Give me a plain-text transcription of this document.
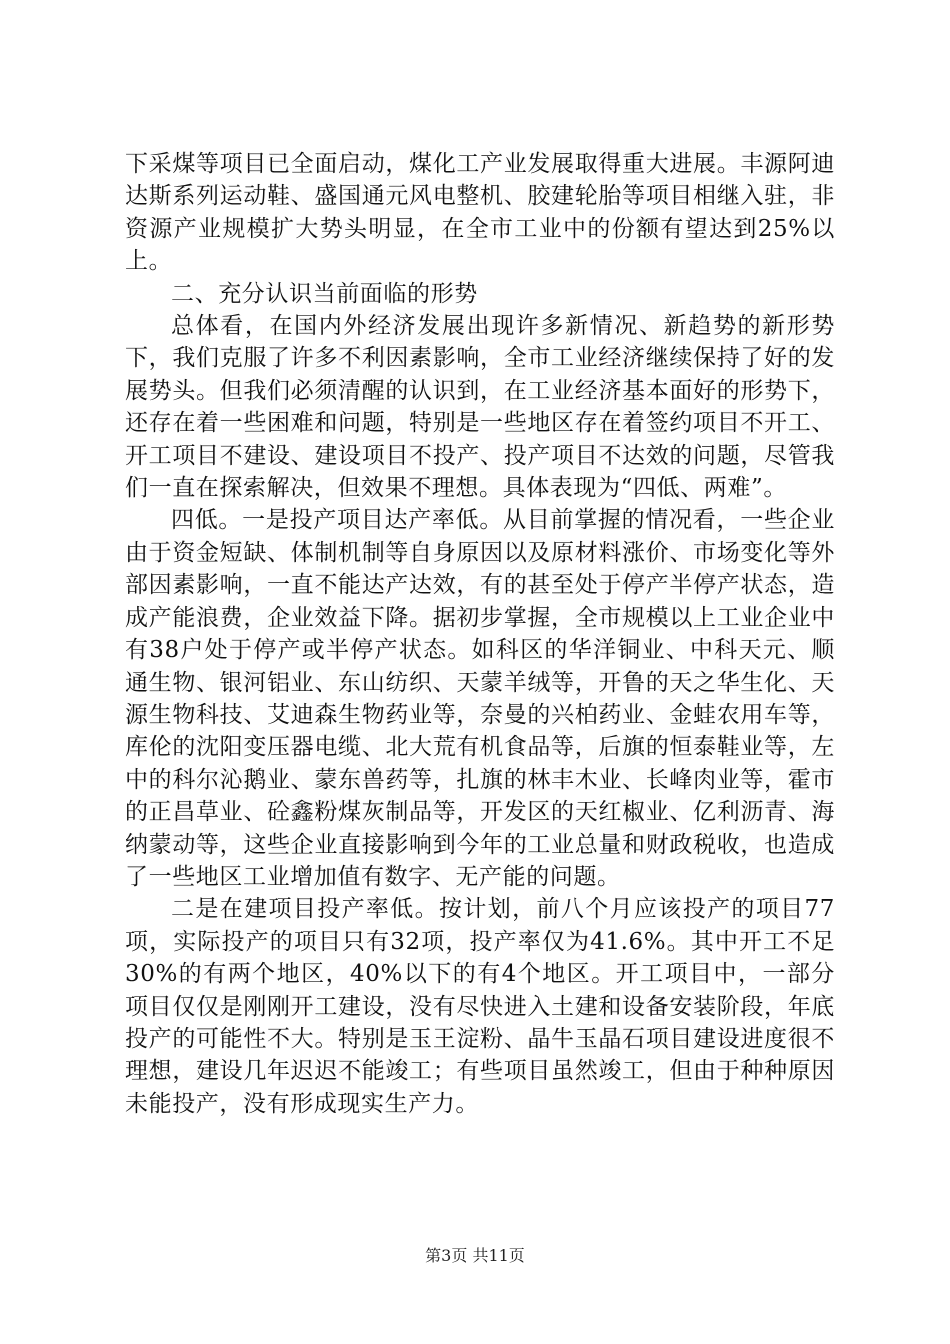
下采煤等项目已全面启动，煤化工产业发展取得重大进展。丰源阿迪达斯系列运动鞋、盛国通元风电整机、胶建轮胎等项目相继入驻，非资源产业规模扩大势头明显，在全市工业中的份额有望达到25%以上。

二、充分认识当前面临的形势

总体看，在国内外经济发展出现许多新情况、新趋势的新形势下，我们克服了许多不利因素影响，全市工业经济继续保持了好的发展势头。但我们必须清醒的认识到，在工业经济基本面好的形势下，还存在着一些困难和问题，特别是一些地区存在着签约项目不开工、开工项目不建设、建设项目不投产、投产项目不达效的问题，尽管我们一直在探索解决，但效果不理想。具体表现为“四低、两难”。

四低。一是投产项目达产率低。从目前掌握的情况看，一些企业由于资金短缺、体制机制等自身原因以及原材料涨价、市场变化等外部因素影响，一直不能达产达效，有的甚至处于停产半停产状态，造成产能浪费，企业效益下降。据初步掌握，全市规模以上工业企业中有38户处于停产或半停产状态。如科区的华洋铜业、中科天元、顺通生物、银河铝业、东山纺织、天蒙羊绒等，开鲁的天之华生化、天源生物科技、艾迪森生物药业等，奈曼的兴柏药业、金蛙农用车等，库伦的沈阳变压器电缆、北大荒有机食品等，后旗的恒泰鞋业等，左中的科尔沁鹅业、蒙东兽药等，扎旗的林丰木业、长峰肉业等，霍市的正昌草业、砼鑫粉煤灰制品等，开发区的天红椒业、亿利沥青、海纳蒙动等，这些企业直接影响到今年的工业总量和财政税收，也造成了一些地区工业增加值有数字、无产能的问题。

二是在建项目投产率低。按计划，前八个月应该投产的项目77项，实际投产的项目只有32项，投产率仅为41.6%。其中开工不足30%的有两个地区，40%以下的有4个地区。开工项目中，一部分项目仅仅是刚刚开工建设，没有尽快进入土建和设备安装阶段，年底投产的可能性不大。特别是玉王淀粉、晶牛玉晶石项目建设进度很不理想，建设几年迟迟不能竣工；有些项目虽然竣工，但由于种种原因未能投产，没有形成现实生产力。

第3页 共11页
